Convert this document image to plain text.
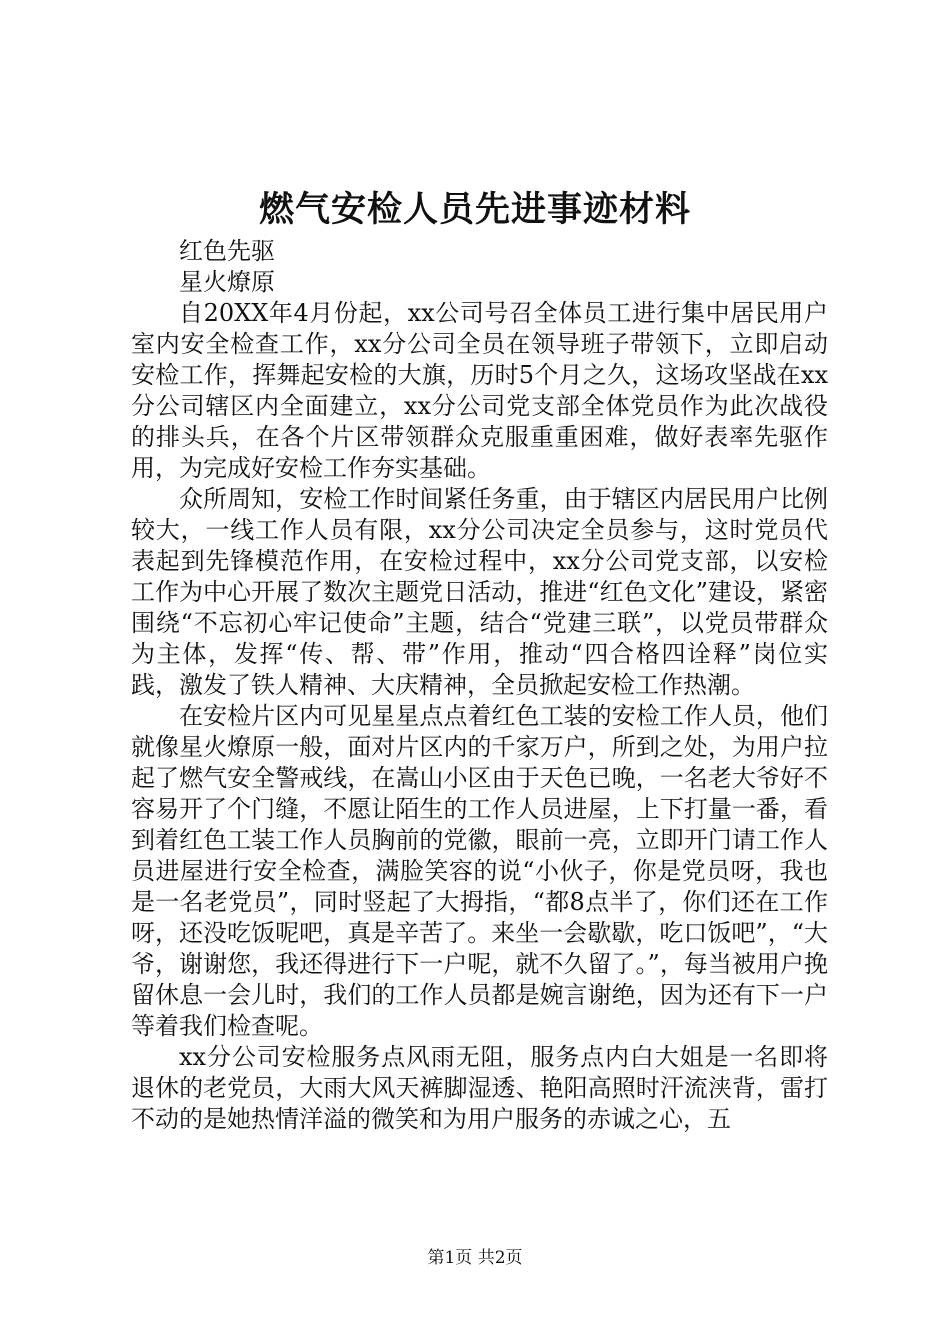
燃气安检人员先进事迹材料

红色先驱

星火燎原

自20XX年4月份起，xx公司号召全体员工进行集中居民用户室内安全检查工作，xx分公司全员在领导班子带领下，立即启动安检工作，挥舞起安检的大旗，历时5个月之久，这场攻坚战在xx分公司辖区内全面建立，xx分公司党支部全体党员作为此次战役的排头兵，在各个片区带领群众克服重重困难，做好表率先驱作用，为完成好安检工作夯实基础。

众所周知，安检工作时间紧任务重，由于辖区内居民用户比例较大，一线工作人员有限，xx分公司决定全员参与，这时党员代表起到先锋模范作用，在安检过程中，xx分公司党支部，以安检工作为中心开展了数次主题党日活动，推进“红色文化”建设，紧密围绕“不忘初心牢记使命”主题，结合“党建三联”，以党员带群众为主体，发挥“传、帮、带”作用，推动“四合格四诠释”岗位实践，激发了铁人精神、大庆精神，全员掀起安检工作热潮。

在安检片区内可见星星点点着红色工装的安检工作人员，他们就像星火燎原一般，面对片区内的千家万户，所到之处，为用户拉起了燃气安全警戒线，在嵩山小区由于天色已晚，一名老大爷好不容易开了个门缝，不愿让陌生的工作人员进屋，上下打量一番，看到着红色工装工作人员胸前的党徽，眼前一亮，立即开门请工作人员进屋进行安全检查，满脸笑容的说“小伙子，你是党员呀，我也是一名老党员”，同时竖起了大拇指，“都8点半了，你们还在工作呀，还没吃饭呢吧，真是辛苦了。来坐一会歇歇，吃口饭吧”，“大爷，谢谢您，我还得进行下一户呢，就不久留了。”，每当被用户挽留休息一会儿时，我们的工作人员都是婉言谢绝，因为还有下一户等着我们检查呢。

xx分公司安检服务点风雨无阻，服务点内白大姐是一名即将退休的老党员，大雨大风天裤脚湿透、艳阳高照时汗流浃背，雷打不动的是她热情洋溢的微笑和为用户服务的赤诚之心，五

第1页 共2页
